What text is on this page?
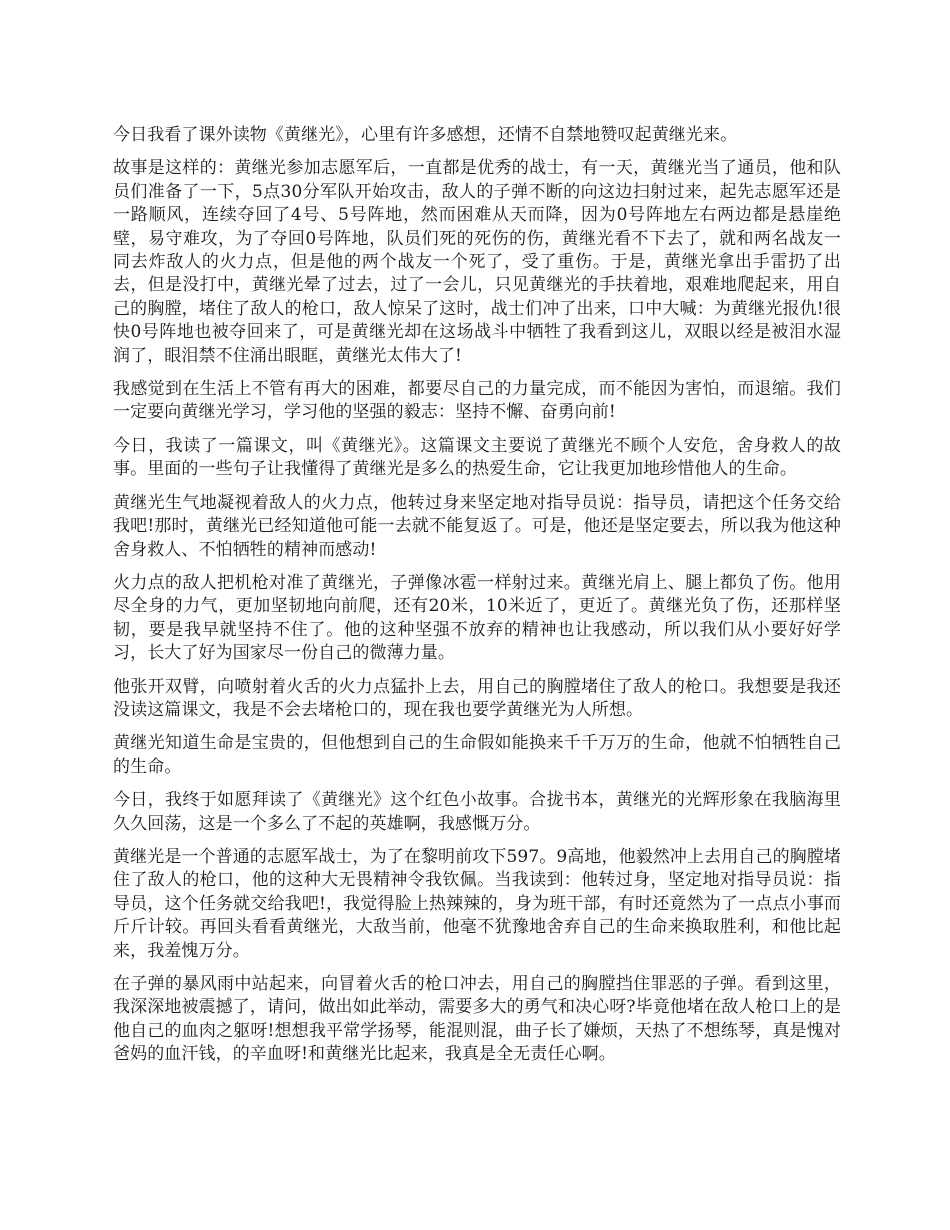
今日我看了课外读物《黄继光》，心里有许多感想，还情不自禁地赞叹起黄继光来。

故事是这样的：黄继光参加志愿军后，一直都是优秀的战士，有一天，黄继光当了通员，他和队员们准备了一下，5点30分军队开始攻击，敌人的子弹不断的向这边扫射过来，起先志愿军还是一路顺风，连续夺回了4号、5号阵地，然而困难从天而降，因为0号阵地左右两边都是悬崖绝壁，易守难攻，为了夺回0号阵地，队员们死的死伤的伤，黄继光看不下去了，就和两名战友一同去炸敌人的火力点，但是他的两个战友一个死了，受了重伤。于是，黄继光拿出手雷扔了出去，但是没打中，黄继光晕了过去，过了一会儿，只见黄继光的手扶着地，艰难地爬起来，用自己的胸膛，堵住了敌人的枪口，敌人惊呆了这时，战士们冲了出来，口中大喊：为黄继光报仇!很快0号阵地也被夺回来了，可是黄继光却在这场战斗中牺牲了我看到这儿，双眼以经是被泪水湿润了，眼泪禁不住涌出眼眶，黄继光太伟大了!

我感觉到在生活上不管有再大的困难，都要尽自己的力量完成，而不能因为害怕，而退缩。我们一定要向黄继光学习，学习他的坚强的毅志：坚持不懈、奋勇向前!

今日，我读了一篇课文，叫《黄继光》。这篇课文主要说了黄继光不顾个人安危，舍身救人的故事。里面的一些句子让我懂得了黄继光是多么的热爱生命，它让我更加地珍惜他人的生命。

黄继光生气地凝视着敌人的火力点，他转过身来坚定地对指导员说：指导员，请把这个任务交给我吧!那时，黄继光已经知道他可能一去就不能复返了。可是，他还是坚定要去，所以我为他这种舍身救人、不怕牺牲的精神而感动!

火力点的敌人把机枪对准了黄继光，子弹像冰雹一样射过来。黄继光肩上、腿上都负了伤。他用尽全身的力气，更加坚韧地向前爬，还有20米，10米近了，更近了。黄继光负了伤，还那样坚韧，要是我早就坚持不住了。他的这种坚强不放弃的精神也让我感动，所以我们从小要好好学习，长大了好为国家尽一份自己的微薄力量。

他张开双臂，向喷射着火舌的火力点猛扑上去，用自己的胸膛堵住了敌人的枪口。我想要是我还没读这篇课文，我是不会去堵枪口的，现在我也要学黄继光为人所想。

黄继光知道生命是宝贵的，但他想到自己的生命假如能换来千千万万的生命，他就不怕牺牲自己的生命。

今日，我终于如愿拜读了《黄继光》这个红色小故事。合拢书本，黄继光的光辉形象在我脑海里久久回荡，这是一个多么了不起的英雄啊，我感慨万分。

黄继光是一个普通的志愿军战士，为了在黎明前攻下597。9高地，他毅然冲上去用自己的胸膛堵住了敌人的枪口，他的这种大无畏精神令我钦佩。当我读到：他转过身，坚定地对指导员说：指导员，这个任务就交给我吧!，我觉得脸上热辣辣的，身为班干部，有时还竟然为了一点点小事而斤斤计较。再回头看看黄继光，大敌当前，他毫不犹豫地舍弃自己的生命来换取胜利，和他比起来，我羞愧万分。

在子弹的暴风雨中站起来，向冒着火舌的枪口冲去，用自己的胸膛挡住罪恶的子弹。看到这里，我深深地被震撼了，请问，做出如此举动，需要多大的勇气和决心呀?毕竟他堵在敌人枪口上的是他自己的血肉之躯呀!想想我平常学扬琴，能混则混，曲子长了嫌烦，天热了不想练琴，真是愧对爸妈的血汗钱，的辛血呀!和黄继光比起来，我真是全无责任心啊。
